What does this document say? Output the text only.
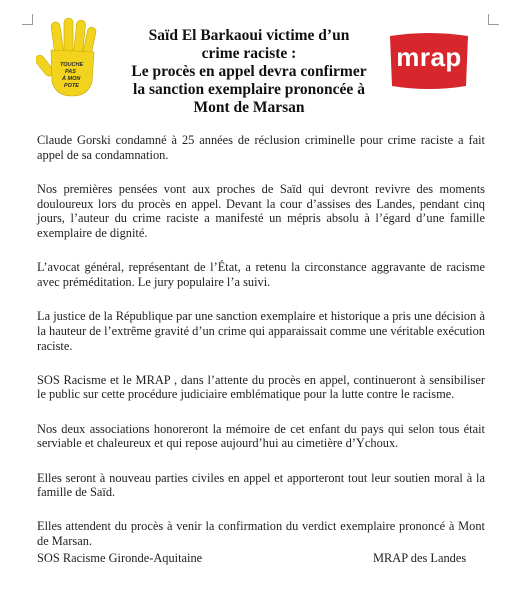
TOUCHE
PAS
À MON
POTE
Saïd El Barkaoui victime d’un
crime raciste :
Le procès en appel devra confirmer
la sanction exemplaire prononcée à
Mont de Marsan
mrap

Claude Gorski condamné à 25 années de réclusion criminelle pour crime raciste a fait appel de sa condamnation.

Nos premières pensées vont aux proches de Saïd qui devront revivre des moments douloureux lors du procès en appel. Devant la cour d’assises des Landes, pendant cinq jours, l’auteur du crime raciste a manifesté un mépris absolu à l’égard d’une famille exemplaire de dignité.

L’avocat général, représentant de l’État, a retenu la circonstance aggravante de racisme avec préméditation. Le jury populaire l’a suivi.

La justice de la République par une sanction exemplaire et historique a pris une décision à la hauteur de l’extrême gravité d’un crime qui apparaissait comme une véritable exécution raciste.

SOS Racisme et le MRAP , dans l’attente du procès en appel, continueront à sensibiliser le public sur cette procédure judiciaire emblématique pour la lutte contre le racisme.

Nos deux associations honoreront la mémoire de cet enfant du pays qui selon tous était serviable et chaleureux et qui repose aujourd’hui au cimetière d’Ychoux.

Elles seront à nouveau parties civiles en appel et apporteront tout leur soutien moral à la famille de Saïd.

Elles attendent du procès à venir la confirmation du verdict exemplaire prononcé à Mont de Marsan.

SOS Racisme Gironde-Aquitaine	MRAP des Landes
